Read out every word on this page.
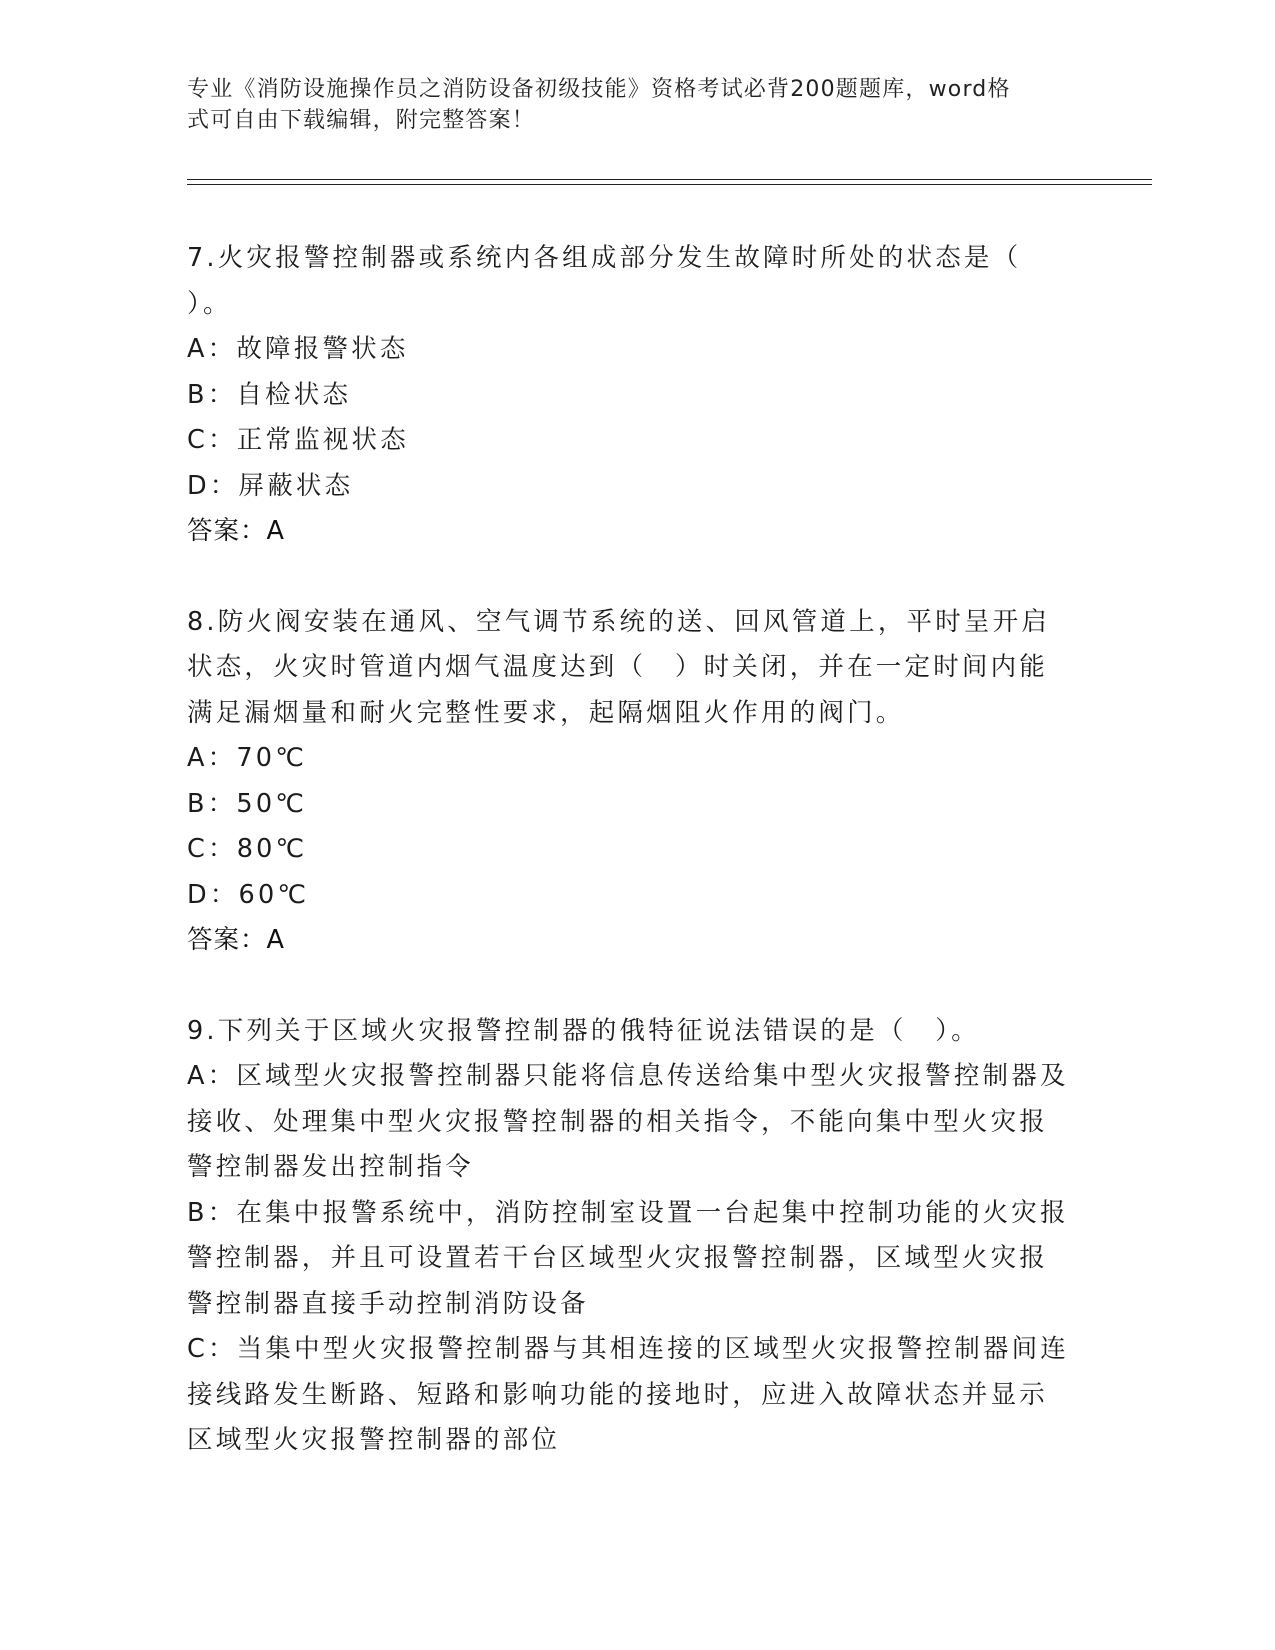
专业《消防设施操作员之消防设备初级技能》资格考试必背200题题库，word格
式可自由下载编辑，附完整答案！
7.火灾报警控制器或系统内各组成部分发生故障时所处的状态是（
）。
A：故障报警状态
B：自检状态
C：正常监视状态
D：屏蔽状态
答案：A
8.防火阀安装在通风、空气调节系统的送、回风管道上，平时呈开启
状态，火灾时管道内烟气温度达到（　）时关闭，并在一定时间内能
满足漏烟量和耐火完整性要求，起隔烟阻火作用的阀门。
A：70℃
B：50℃
C：80℃
D：60℃
答案：A
9.下列关于区域火灾报警控制器的俄特征说法错误的是（　）。
A：区域型火灾报警控制器只能将信息传送给集中型火灾报警控制器及
接收、处理集中型火灾报警控制器的相关指令，不能向集中型火灾报
警控制器发出控制指令
B：在集中报警系统中，消防控制室设置一台起集中控制功能的火灾报
警控制器，并且可设置若干台区域型火灾报警控制器，区域型火灾报
警控制器直接手动控制消防设备
C：当集中型火灾报警控制器与其相连接的区域型火灾报警控制器间连
接线路发生断路、短路和影响功能的接地时，应进入故障状态并显示
区域型火灾报警控制器的部位
